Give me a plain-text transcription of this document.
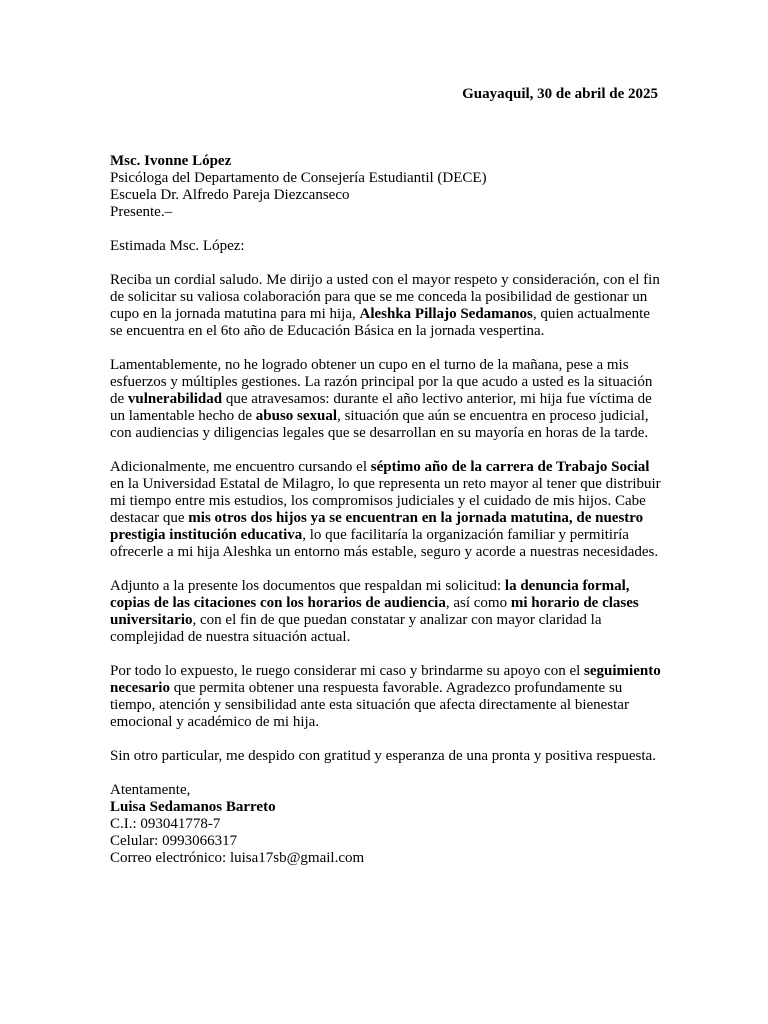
Guayaquil, 30 de abril de 2025
Msc. Ivonne López
Psicóloga del Departamento de Consejería Estudiantil (DECE)
Escuela Dr. Alfredo Pareja Diezcanseco
Presente.–

Estimada Msc. López:

Reciba un cordial saludo. Me dirijo a usted con el mayor respeto y consideración, con el fin de solicitar su valiosa colaboración para que se me conceda la posibilidad de gestionar un cupo en la jornada matutina para mi hija, Aleshka Pillajo Sedamanos, quien actualmente se encuentra en el 6to año de Educación Básica en la jornada vespertina.

Lamentablemente, no he logrado obtener un cupo en el turno de la mañana, pese a mis esfuerzos y múltiples gestiones. La razón principal por la que acudo a usted es la situación de vulnerabilidad que atravesamos: durante el año lectivo anterior, mi hija fue víctima de un lamentable hecho de abuso sexual, situación que aún se encuentra en proceso judicial, con audiencias y diligencias legales que se desarrollan en su mayoría en horas de la tarde.

Adicionalmente, me encuentro cursando el séptimo año de la carrera de Trabajo Social en la Universidad Estatal de Milagro, lo que representa un reto mayor al tener que distribuir mi tiempo entre mis estudios, los compromisos judiciales y el cuidado de mis hijos. Cabe destacar que mis otros dos hijos ya se encuentran en la jornada matutina, de nuestro prestigia institución educativa, lo que facilitaría la organización familiar y permitiría ofrecerle a mi hija Aleshka un entorno más estable, seguro y acorde a nuestras necesidades.

Adjunto a la presente los documentos que respaldan mi solicitud: la denuncia formal, copias de las citaciones con los horarios de audiencia, así como mi horario de clases universitario, con el fin de que puedan constatar y analizar con mayor claridad la complejidad de nuestra situación actual.

Por todo lo expuesto, le ruego considerar mi caso y brindarme su apoyo con el seguimiento necesario que permita obtener una respuesta favorable. Agradezco profundamente su tiempo, atención y sensibilidad ante esta situación que afecta directamente al bienestar emocional y académico de mi hija.

Sin otro particular, me despido con gratitud y esperanza de una pronta y positiva respuesta.

Atentamente,
Luisa Sedamanos Barreto
C.I.: 093041778-7
Celular: 0993066317
Correo electrónico: luisa17sb@gmail.com
